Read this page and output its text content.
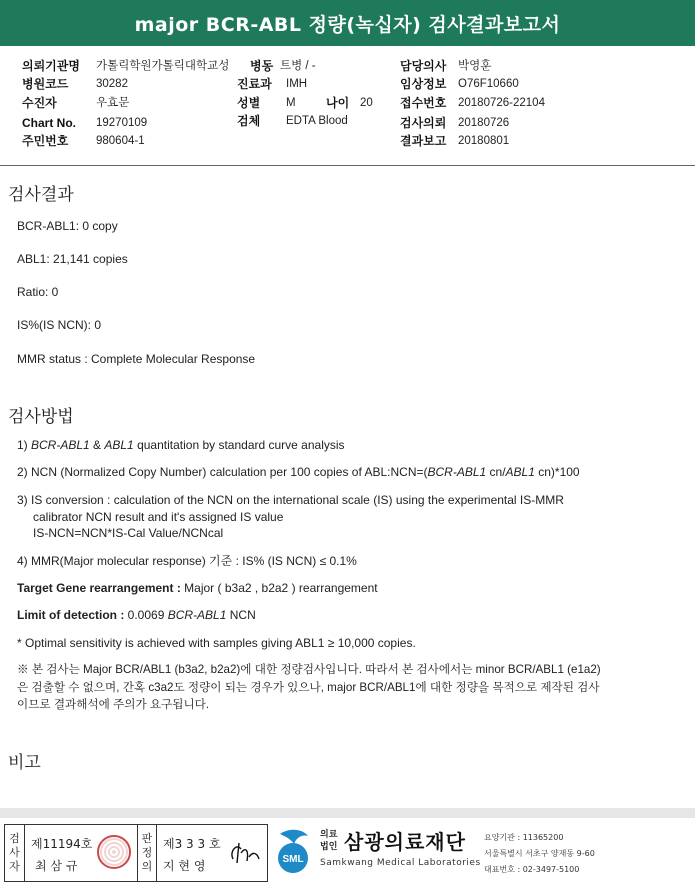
major BCR-ABL 정량(녹십자) 검사결과보고서
의뢰기관명 가톨릭학원가톨릭대학교성 병동 트병 / -	담당의사 박영훈
병원코드 30282	진료과 IMH	임상정보 O76F10660
수진자	우효문	성별 M	나이 20 접수번호 20180726-22104
Chart No. 19270109	검체 EDTA Blood	검사의뢰 20180726
주민번호 980604-1	결과보고 20180801
검사결과
BCR-ABL1: 0 copy
ABL1: 21,141 copies
Ratio: 0
IS%(IS NCN): 0
MMR status : Complete Molecular Response
검사방법
1) BCR-ABL1 & ABL1 quantitation by standard curve analysis
2) NCN (Normalized Copy Number) calculation per 100 copies of ABL:NCN=(BCR-ABL1 cn/ABL1 cn)*100
3) IS conversion : calculation of the NCN on the international scale (IS) using the experimental IS-MMR
calibrator NCN result and it's assigned IS value
IS-NCN=NCN*IS-Cal Value/NCNcal
4) MMR(Major molecular response) 기준 : IS% (IS NCN) ≤ 0.1%
Target Gene rearrangement : Major ( b3a2 , b2a2 ) rearrangement
Limit of detection : 0.0069 BCR-ABL1 NCN
* Optimal sensitivity is achieved with samples giving ABL1 ≥ 10,000 copies.
※ 본 검사는 Major BCR/ABL1 (b3a2, b2a2)에 대한 정량검사입니다. 따라서 본 검사에서는 minor BCR/ABL1 (e1a2)
은 검출할 수 없으며, 간혹 c3a2도 정량이 되는 경우가 있으나, major BCR/ABL1에 대한 정량을 목적으로 제작된 검사
이므로 결과해석에 주의가 요구됩니다.
비고
검
사
자
제11194호
최 삼 규
판
정
의
제3 3 3 호
지 현 영	SML
의료
법인 삼광의료재단
Samkwang Medical Laboratories
요양기관 : 11365200
서울특별시 서초구 양재동 9-60
대표번호 : 02-3497-5100
